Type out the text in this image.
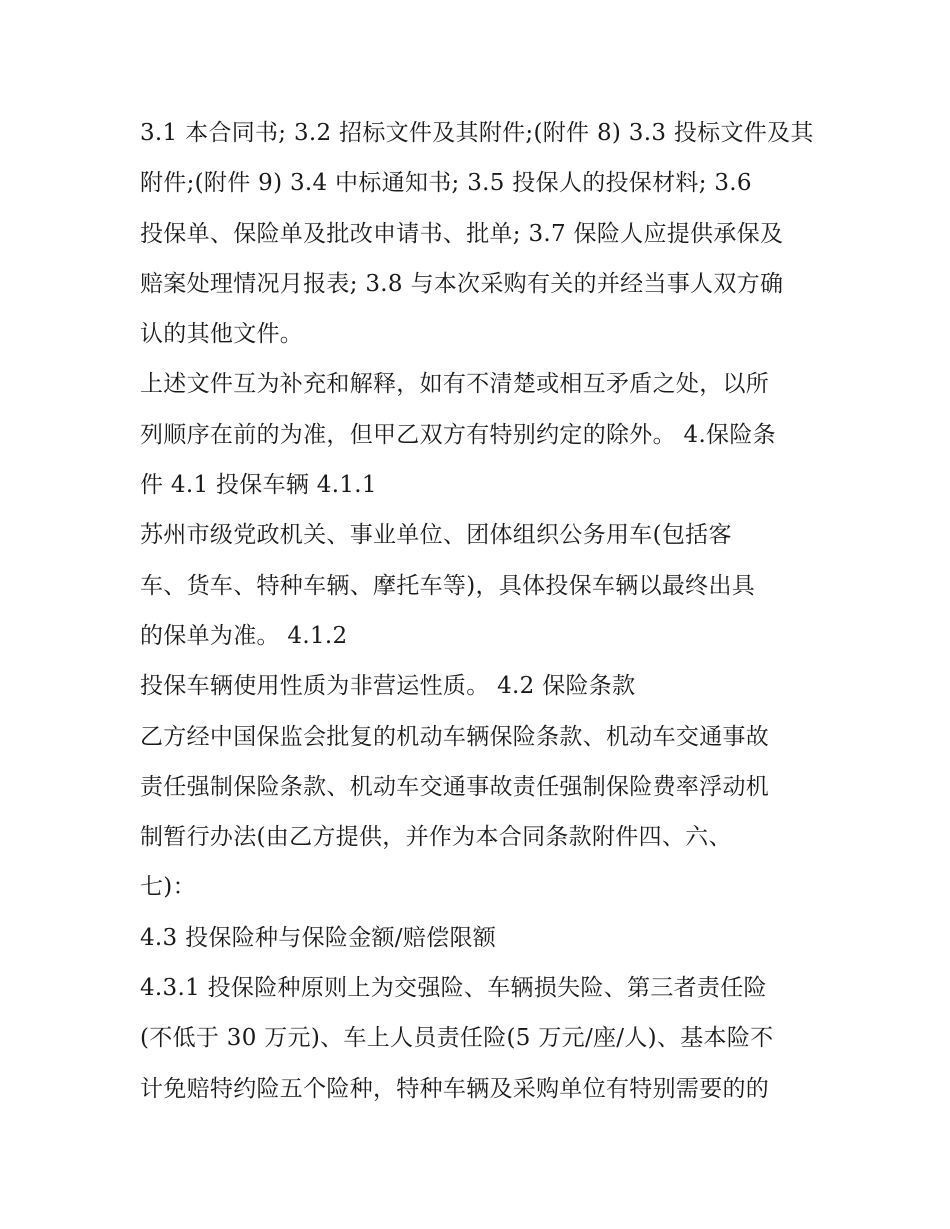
3.1 本合同书; 3.2 招标文件及其附件;(附件 8) 3.3 投标文件及其
附件;(附件 9) 3.4 中标通知书; 3.5 投保人的投保材料; 3.6
投保单、保险单及批改申请书、批单; 3.7 保险人应提供承保及
赔案处理情况月报表; 3.8 与本次采购有关的并经当事人双方确
认的其他文件。
上述文件互为补充和解释，如有不清楚或相互矛盾之处，以所
列顺序在前的为准，但甲乙双方有特别约定的除外。 4.保险条
件 4.1 投保车辆 4.1.1
苏州市级党政机关、事业单位、团体组织公务用车(包括客
车、货车、特种车辆、摩托车等)，具体投保车辆以最终出具
的保单为准。 4.1.2
投保车辆使用性质为非营运性质。 4.2 保险条款
乙方经中国保监会批复的机动车辆保险条款、机动车交通事故
责任强制保险条款、机动车交通事故责任强制保险费率浮动机
制暂行办法(由乙方提供，并作为本合同条款附件四、六、
七)：
4.3 投保险种与保险金额/赔偿限额
4.3.1 投保险种原则上为交强险、车辆损失险、第三者责任险
(不低于 30 万元)、车上人员责任险(5 万元/座/人)、基本险不
计免赔特约险五个险种，特种车辆及采购单位有特别需要的的
